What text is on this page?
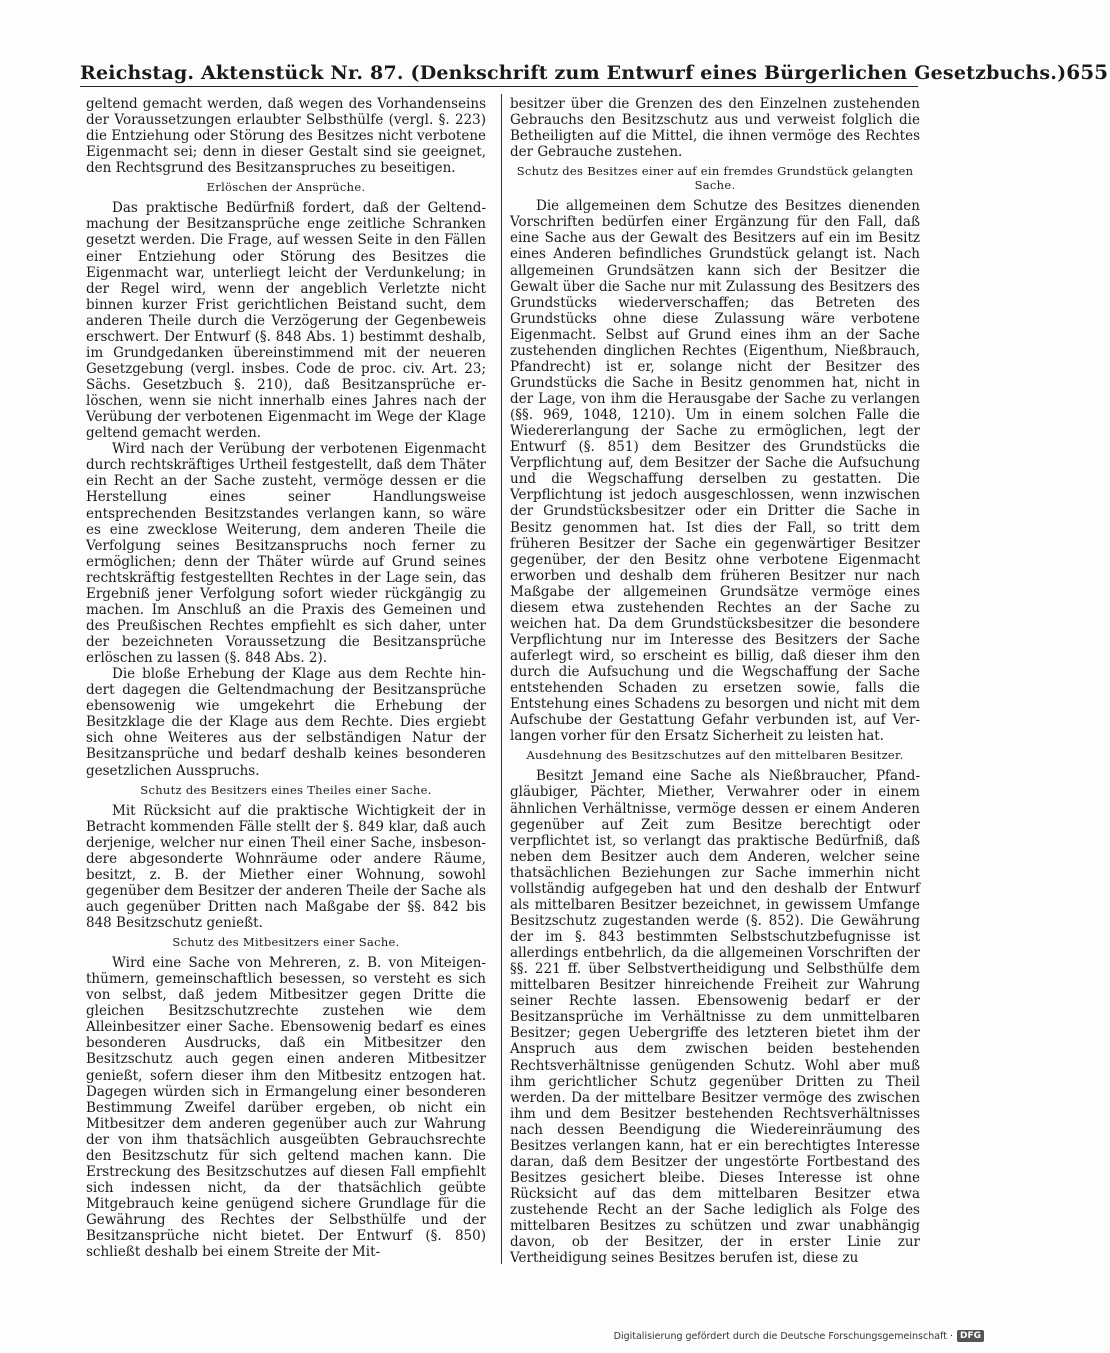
Reichstag. Aktenstück Nr. 87. (Denkschrift zum Entwurf eines Bürgerlichen Gesetzbuchs.) 655

geltend gemacht werden, daß wegen des Vorhandenseins der Voraussetzungen erlaubter Selbsthülfe (vergl. §. 223) die Entziehung oder Störung des Besitzes nicht verbotene Eigenmacht sei; denn in dieser Gestalt sind sie geeignet, den Rechtsgrund des Besitzanspruches zu beseitigen.

Erlöschen der Ansprüche.

Das praktische Bedürfniß fordert, daß der Geltendmachung der Besitzansprüche enge zeitliche Schranken gesetzt werden. Die Frage, auf wessen Seite in den Fällen einer Entziehung oder Störung des Besitzes die Eigenmacht war, unterliegt leicht der Verdunkelung; in der Regel wird, wenn der angeblich Verletzte nicht binnen kurzer Frist gerichtlichen Beistand sucht, dem anderen Theile durch die Verzögerung der Gegenbeweis erschwert. Der Entwurf (§. 848 Abs. 1) bestimmt deshalb, im Grundgedanken übereinstimmend mit der neueren Gesetzgebung (vergl. insbes. Code de proc. civ. Art. 23; Sächs. Gesetzbuch §. 210), daß Besitzansprüche erlöschen, wenn sie nicht innerhalb eines Jahres nach der Verübung der verbotenen Eigenmacht im Wege der Klage geltend gemacht werden.

Wird nach der Verübung der verbotenen Eigenmacht durch rechtskräftiges Urtheil festgestellt, daß dem Thäter ein Recht an der Sache zusteht, vermöge dessen er die Herstellung eines seiner Handlungsweise entsprechenden Besitzstandes verlangen kann, so wäre es eine zwecklose Weiterung, dem anderen Theile die Verfolgung seines Besitzanspruchs noch ferner zu ermöglichen; denn der Thäter würde auf Grund seines rechtskräftig festgestellten Rechtes in der Lage sein, das Ergebniß jener Verfolgung sofort wieder rückgängig zu machen. Im Anschluß an die Praxis des Gemeinen und des Preußischen Rechtes empfiehlt es sich daher, unter der bezeichneten Voraussetzung die Besitzansprüche erlöschen zu lassen (§. 848 Abs. 2).

Die bloße Erhebung der Klage aus dem Rechte hindert dagegen die Geltendmachung der Besitzansprüche ebensowenig wie umgekehrt die Erhebung der Besitzklage die der Klage aus dem Rechte. Dies ergiebt sich ohne Weiteres aus der selbständigen Natur der Besitzansprüche und bedarf deshalb keines besonderen gesetzlichen Ausspruchs.

Schutz des Besitzers eines Theiles einer Sache.

Mit Rücksicht auf die praktische Wichtigkeit der in Betracht kommenden Fälle stellt der §. 849 klar, daß auch derjenige, welcher nur einen Theil einer Sache, insbesondere abgesonderte Wohnräume oder andere Räume, besitzt, z. B. der Miether einer Wohnung, sowohl gegenüber dem Besitzer der anderen Theile der Sache als auch gegenüber Dritten nach Maßgabe der §§. 842 bis 848 Besitzschutz genießt.

Schutz des Mitbesitzers einer Sache.

Wird eine Sache von Mehreren, z. B. von Miteigenthümern, gemeinschaftlich besessen, so versteht es sich von selbst, daß jedem Mitbesitzer gegen Dritte die gleichen Besitzschutzrechte zustehen wie dem Alleinbesitzer einer Sache. Ebensowenig bedarf es eines besonderen Ausdrucks, daß ein Mitbesitzer den Besitzschutz auch gegen einen anderen Mitbesitzer genießt, sofern dieser ihm den Mitbesitz entzogen hat. Dagegen würden sich in Ermangelung einer besonderen Bestimmung Zweifel darüber ergeben, ob nicht ein Mitbesitzer dem anderen gegenüber auch zur Wahrung der von ihm thatsächlich ausgeübten Gebrauchsrechte den Besitzschutz für sich geltend machen kann. Die Erstreckung des Besitzschutzes auf diesen Fall empfiehlt sich indessen nicht, da der thatsächlich geübte Mitgebrauch keine genügend sichere Grundlage für die Gewährung des Rechtes der Selbsthülfe und der Besitzansprüche nicht bietet. Der Entwurf (§. 850) schließt deshalb bei einem Streite der Mit-

besitzer über die Grenzen des den Einzelnen zustehenden Gebrauchs den Besitzschutz aus und verweist folglich die Betheiligten auf die Mittel, die ihnen vermöge des Rechtes der Gebrauche zustehen.

Schutz des Besitzes einer auf ein fremdes Grundstück gelangten Sache.

Die allgemeinen dem Schutze des Besitzes dienenden Vorschriften bedürfen einer Ergänzung für den Fall, daß eine Sache aus der Gewalt des Besitzers auf ein im Besitz eines Anderen befindliches Grundstück gelangt ist. Nach allgemeinen Grundsätzen kann sich der Besitzer die Gewalt über die Sache nur mit Zulassung des Besitzers des Grundstücks wiederverschaffen; das Betreten des Grundstücks ohne diese Zulassung wäre verbotene Eigenmacht. Selbst auf Grund eines ihm an der Sache zustehenden dinglichen Rechtes (Eigenthum, Nießbrauch, Pfandrecht) ist er, solange nicht der Besitzer des Grundstücks die Sache in Besitz genommen hat, nicht in der Lage, von ihm die Herausgabe der Sache zu verlangen (§§. 969, 1048, 1210). Um in einem solchen Falle die Wiedererlangung der Sache zu ermöglichen, legt der Entwurf (§. 851) dem Besitzer des Grundstücks die Verpflichtung auf, dem Besitzer der Sache die Aufsuchung und die Wegschaffung derselben zu gestatten. Die Verpflichtung ist jedoch ausgeschlossen, wenn inzwischen der Grundstücksbesitzer oder ein Dritter die Sache in Besitz genommen hat. Ist dies der Fall, so tritt dem früheren Besitzer der Sache ein gegenwärtiger Besitzer gegenüber, der den Besitz ohne verbotene Eigenmacht erworben und deshalb dem früheren Besitzer nur nach Maßgabe der allgemeinen Grundsätze vermöge eines diesem etwa zustehenden Rechtes an der Sache zu weichen hat. Da dem Grundstücksbesitzer die besondere Verpflichtung nur im Interesse des Besitzers der Sache auferlegt wird, so erscheint es billig, daß dieser ihm den durch die Aufsuchung und die Wegschaffung der Sache entstehenden Schaden zu ersetzen sowie, falls die Entstehung eines Schadens zu besorgen und nicht mit dem Aufschube der Gestattung Gefahr verbunden ist, auf Verlangen vorher für den Ersatz Sicherheit zu leisten hat.

Ausdehnung des Besitzschutzes auf den mittelbaren Besitzer.

Besitzt Jemand eine Sache als Nießbraucher, Pfandgläubiger, Pächter, Miether, Verwahrer oder in einem ähnlichen Verhältnisse, vermöge dessen er einem Anderen gegenüber auf Zeit zum Besitze berechtigt oder verpflichtet ist, so verlangt das praktische Bedürfniß, daß neben dem Besitzer auch dem Anderen, welcher seine thatsächlichen Beziehungen zur Sache immerhin nicht vollständig aufgegeben hat und den deshalb der Entwurf als mittelbaren Besitzer bezeichnet, in gewissem Umfange Besitzschutz zugestanden werde (§. 852). Die Gewährung der im §. 843 bestimmten Selbstschutzbefugnisse ist allerdings entbehrlich, da die allgemeinen Vorschriften der §§. 221 ff. über Selbstvertheidigung und Selbsthülfe dem mittelbaren Besitzer hinreichende Freiheit zur Wahrung seiner Rechte lassen. Ebensowenig bedarf er der Besitzansprüche im Verhältnisse zu dem unmittelbaren Besitzer; gegen Uebergriffe des letzteren bietet ihm der Anspruch aus dem zwischen beiden bestehenden Rechtsverhältnisse genügenden Schutz. Wohl aber muß ihm gerichtlicher Schutz gegenüber Dritten zu Theil werden. Da der mittelbare Besitzer vermöge des zwischen ihm und dem Besitzer bestehenden Rechtsverhältnisses nach dessen Beendigung die Wiedereinräumung des Besitzes verlangen kann, hat er ein berechtigtes Interesse daran, daß dem Besitzer der ungestörte Fortbestand des Besitzes gesichert bleibe. Dieses Interesse ist ohne Rücksicht auf das dem mittelbaren Besitzer etwa zustehende Recht an der Sache lediglich als Folge des mittelbaren Besitzes zu schützen und zwar unabhängig davon, ob der Besitzer, der in erster Linie zur Vertheidigung seines Besitzes berufen ist, diese zu

Digitalisierung gefördert durch die Deutsche Forschungsgemeinschaft · DFG
